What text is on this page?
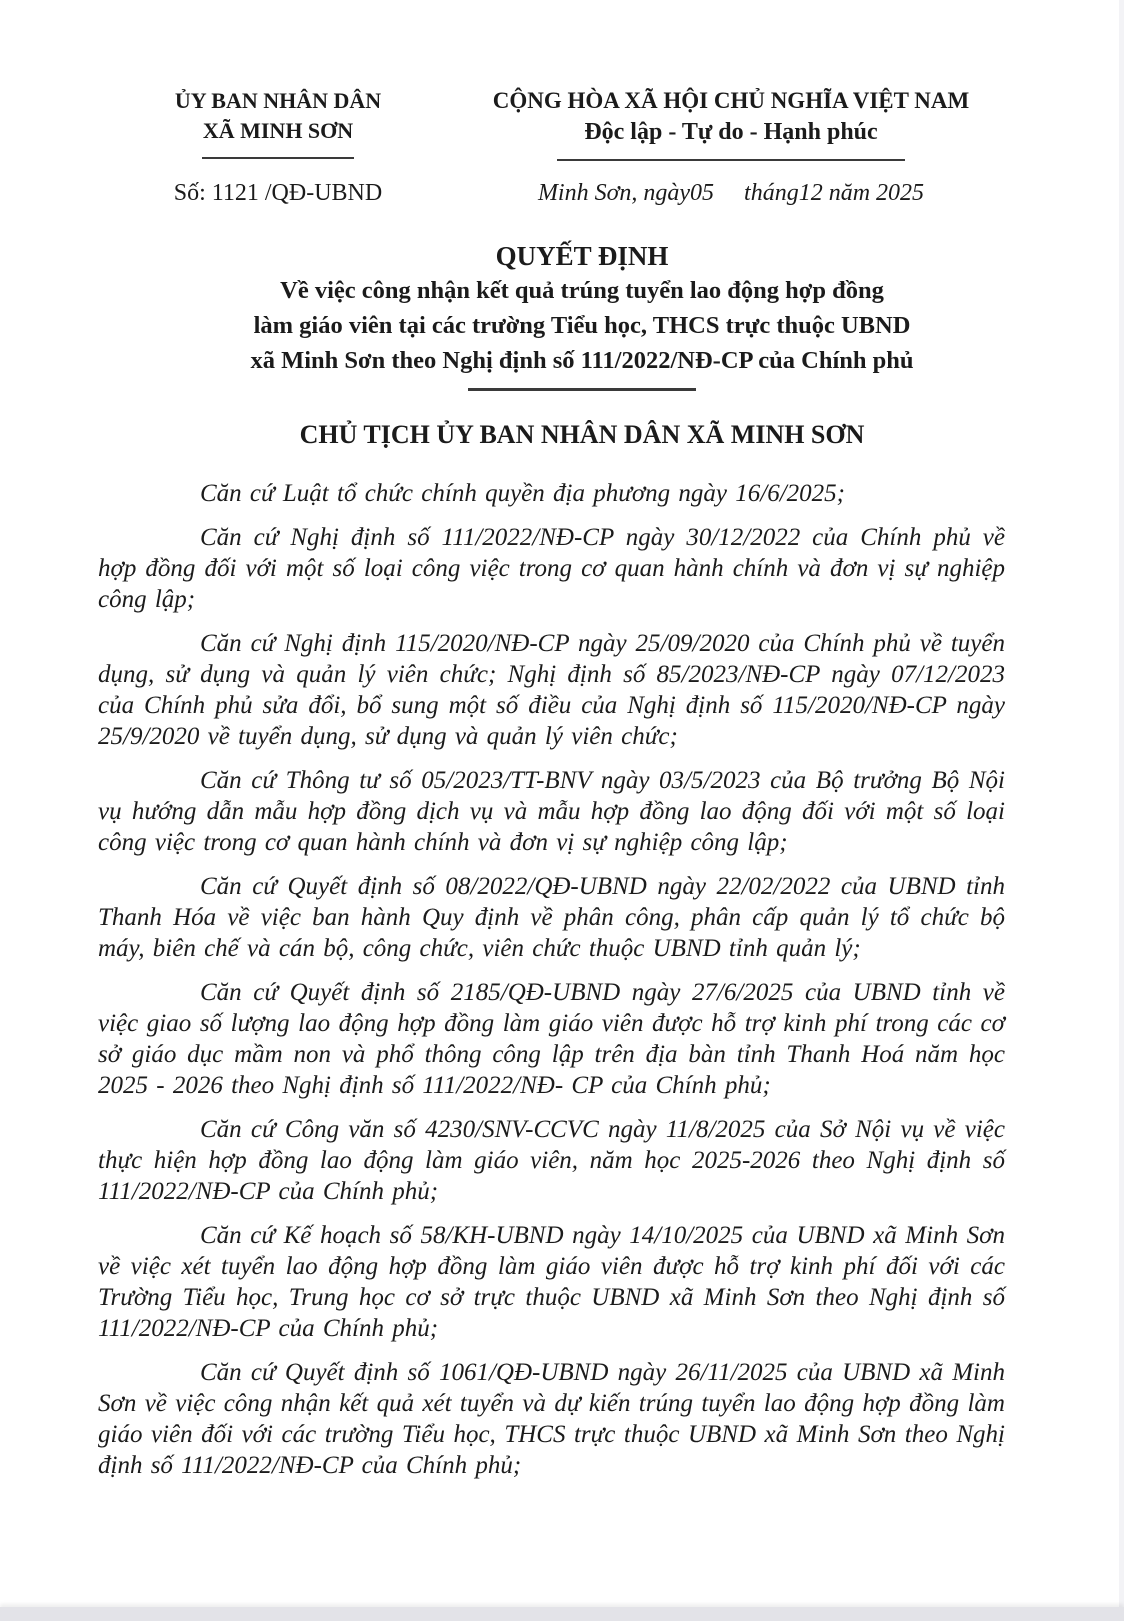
ỦY BAN NHÂN DÂN
XÃ MINH SƠN
Số: 1121 /QĐ-UBND
CỘNG HÒA XÃ HỘI CHỦ NGHĨA VIỆT NAM
Độc lập - Tự do - Hạnh phúc
Minh Sơn, ngày05     tháng12 năm 2025
QUYẾT ĐỊNH

Về việc công nhận kết quả trúng tuyển lao động hợp đồng

làm giáo viên tại các trường Tiểu học, THCS trực thuộc UBND

xã Minh Sơn theo Nghị định số 111/2022/NĐ-CP của Chính phủ

CHỦ TỊCH ỦY BAN NHÂN DÂN XÃ MINH SƠN

Căn cứ Luật tổ chức chính quyền địa phương ngày 16/6/2025;

Căn cứ Nghị định số 111/2022/NĐ-CP ngày 30/12/2022 của Chính phủ về hợp đồng đối với một số loại công việc trong cơ quan hành chính và đơn vị sự nghiệp công lập;

Căn cứ Nghị định 115/2020/NĐ-CP ngày 25/09/2020 của Chính phủ về tuyển dụng, sử dụng và quản lý viên chức; Nghị định số 85/2023/NĐ-CP ngày 07/12/2023 của Chính phủ sửa đổi, bổ sung một số điều của Nghị định số 115/2020/NĐ-CP ngày 25/9/2020 về tuyển dụng, sử dụng và quản lý viên chức;

Căn cứ Thông tư số 05/2023/TT-BNV ngày 03/5/2023 của Bộ trưởng Bộ Nội vụ hướng dẫn mẫu hợp đồng dịch vụ và mẫu hợp đồng lao động đối với một số loại công việc trong cơ quan hành chính và đơn vị sự nghiệp công lập;

Căn cứ Quyết định số 08/2022/QĐ-UBND ngày 22/02/2022 của UBND tỉnh Thanh Hóa về việc ban hành Quy định về phân công, phân cấp quản lý tổ chức bộ máy, biên chế và cán bộ, công chức, viên chức thuộc UBND tỉnh quản lý;

Căn cứ Quyết định số 2185/QĐ-UBND ngày 27/6/2025 của UBND tỉnh về việc giao số lượng lao động hợp đồng làm giáo viên được hỗ trợ kinh phí trong các cơ sở giáo dục mầm non và phổ thông công lập trên địa bàn tỉnh Thanh Hoá năm học 2025 - 2026 theo Nghị định số 111/2022/NĐ- CP của Chính phủ;

Căn cứ Công văn số 4230/SNV-CCVC ngày 11/8/2025 của Sở Nội vụ về việc thực hiện hợp đồng lao động làm giáo viên, năm học 2025-2026 theo Nghị định số 111/2022/NĐ-CP của Chính phủ;

Căn cứ Kế hoạch số 58/KH-UBND ngày 14/10/2025 của UBND xã Minh Sơn về việc xét tuyển lao động hợp đồng làm giáo viên được hỗ trợ kinh phí đối với các Trường Tiểu học, Trung học cơ sở trực thuộc UBND xã Minh Sơn theo Nghị định số 111/2022/NĐ-CP của Chính phủ;

Căn cứ Quyết định số 1061/QĐ-UBND ngày 26/11/2025 của UBND xã Minh Sơn về việc công nhận kết quả xét tuyển và dự kiến trúng tuyển lao động hợp đồng làm giáo viên đối với các trường Tiểu học, THCS trực thuộc UBND xã Minh Sơn theo Nghị định số 111/2022/NĐ-CP của Chính phủ;
